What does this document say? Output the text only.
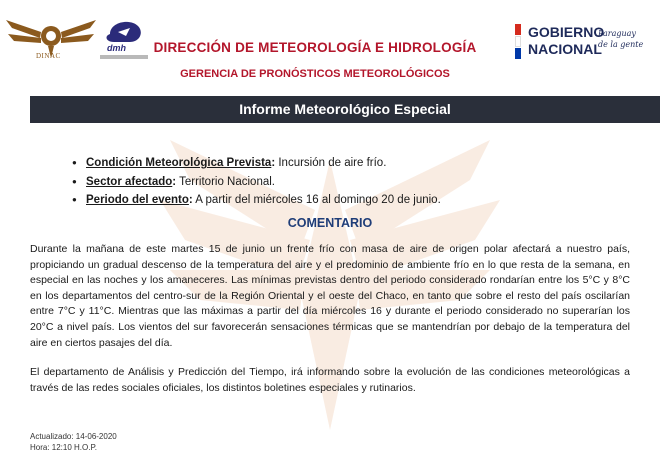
DINAC
dmh DIRECCIÓN DE METEOROLOGÍA E HIDROLOGÍA
GERENCIA DE PRONÓSTICOS METEOROLÓGICOS
GOBIERNO
NACIONAL
Paraguay de la gente
Informe Meteorológico Especial
● Condición Meteorológica Prevista: Incursión de aire frío.
● Sector afectado: Territorio Nacional.
● Periodo del evento: A partir del miércoles 16 al domingo 20 de junio.
COMENTARIO

Durante la mañana de este martes 15 de junio un frente frío con masa de aire de origen polar afectará a nuestro país, propiciando un gradual descenso de la temperatura del aire y el predominio de ambiente frío en lo que resta de la semana, en especial en las noches y los amaneceres. Las mínimas previstas dentro del periodo considerado rondarían entre los 5°C y 8°C en los departamentos del centro-sur de la Región Oriental y el oeste del Chaco, en tanto que sobre el resto del país oscilarían entre 7°C y 11°C. Mientras que las máximas a partir del día miércoles 16 y durante el periodo considerado no superarían los 20°C a nivel país. Los vientos del sur favorecerán sensaciones térmicas que se mantendrían por debajo de la temperatura del aire en ciertos pasajes del día.

El departamento de Análisis y Predicción del Tiempo, irá informando sobre la evolución de las condiciones meteorológicas a través de las redes sociales oficiales, los distintos boletines especiales y rutinarios.

Actualizado: 14-06-2020
Hora: 12:10 H.O.P.
